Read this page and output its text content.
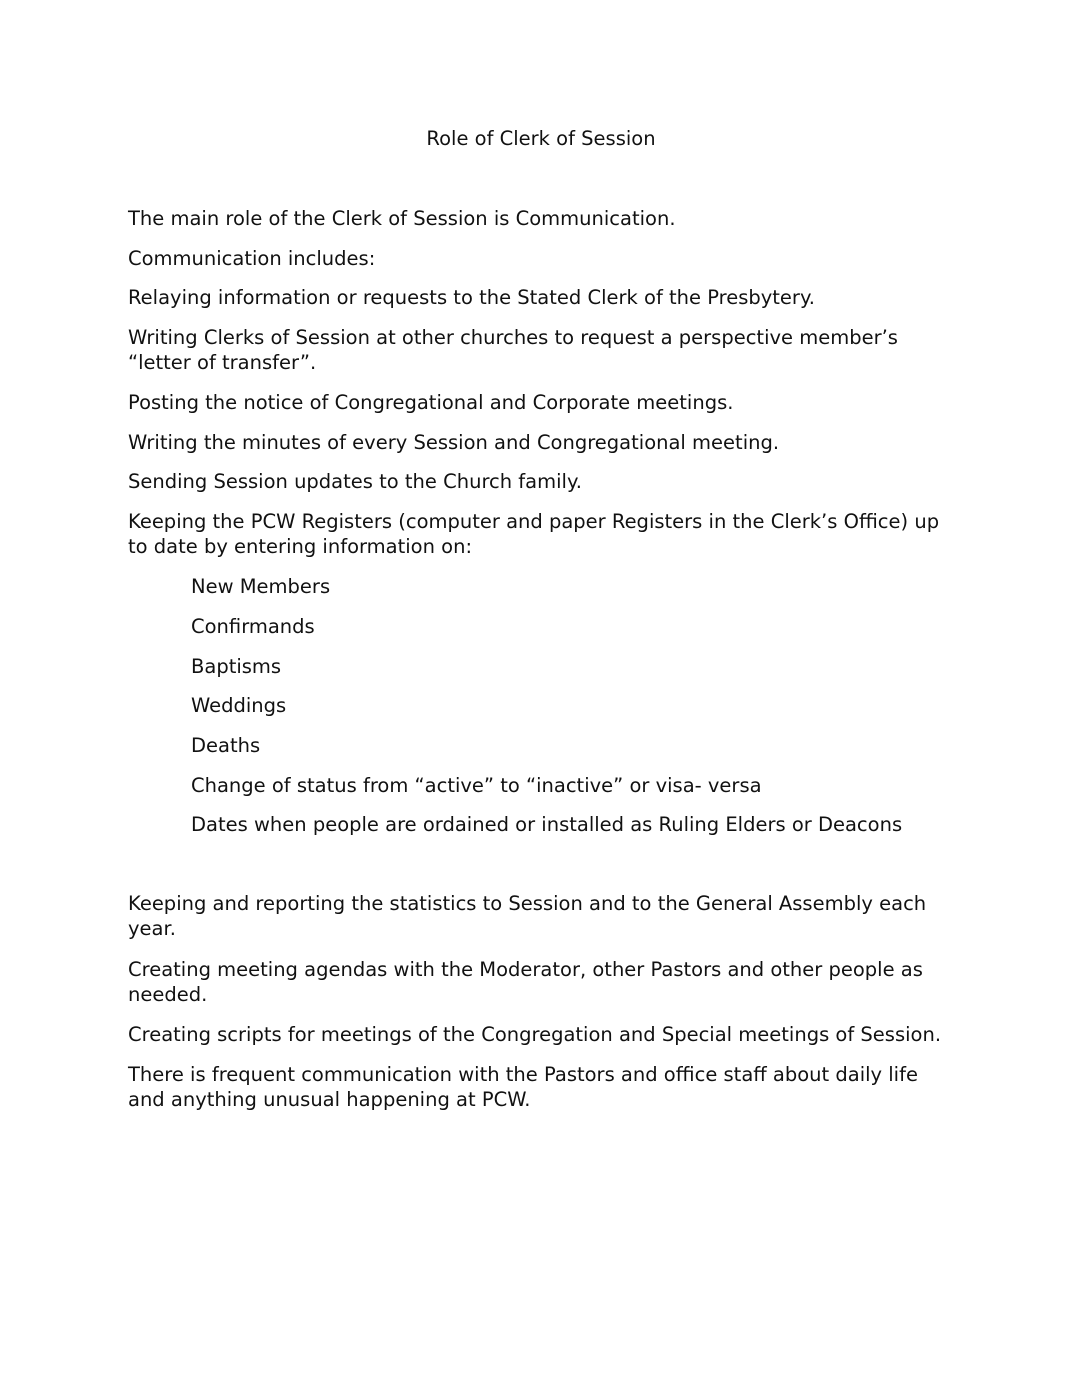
Role of Clerk of Session

The main role of the Clerk of Session is Communication.

Communication includes:

Relaying information or requests to the Stated Clerk of the Presbytery.

Writing Clerks of Session at other churches to request a perspective member’s “letter of transfer”.

Posting the notice of Congregational and Corporate meetings.

Writing the minutes of every Session and Congregational meeting.

Sending Session updates to the Church family.

Keeping the PCW Registers (computer and paper Registers in the Clerk’s Office) up to date by entering information on:

New Members

Confirmands

Baptisms

Weddings

Deaths

Change of status from “active” to “inactive” or visa- versa

Dates when people are ordained or installed as Ruling Elders or Deacons

Keeping and reporting the statistics to Session and to the General Assembly each year.

Creating meeting agendas with the Moderator, other Pastors and other people as needed.

Creating scripts for meetings of the Congregation and Special meetings of Session.

There is frequent communication with the Pastors and office staff about daily life and anything unusual happening at PCW.
